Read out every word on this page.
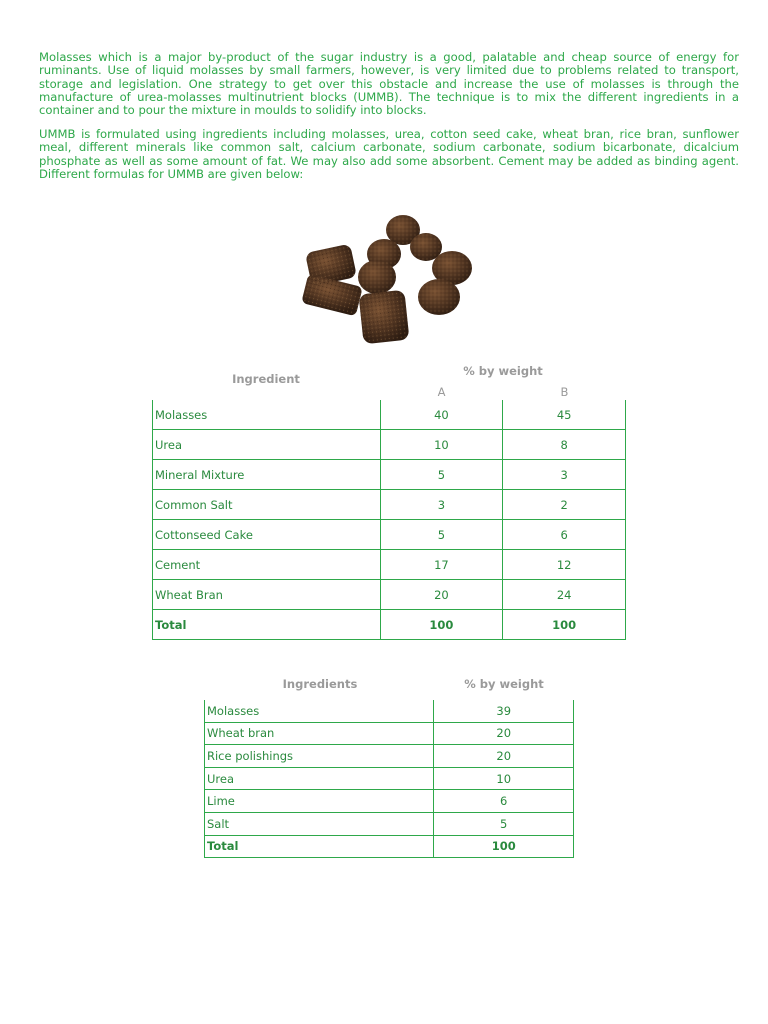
Molasses which is a major by-product of the sugar industry is a good, palatable and cheap source of energy for ruminants. Use of liquid molasses by small farmers, however, is very limited due to problems related to transport, storage and legislation. One strategy to get over this obstacle and increase the use of molasses is through the manufacture of urea-molasses multinutrient blocks (UMMB). The technique is to mix the different ingredients in a container and to pour the mixture in moulds to solidify into blocks.

UMMB is formulated using ingredients including molasses, urea, cotton seed cake, wheat bran, rice bran, sunflower meal, different minerals like common salt, calcium carbonate, sodium carbonate, sodium bicarbonate, dicalcium phosphate as well as some amount of fat. We may also add some absorbent. Cement may be added as binding agent. Different formulas for UMMB are given below:

Ingredient
% by weight
A	B
Molasses	40	45
Urea	10	8
Mineral Mixture	5	3
Common Salt	3	2
Cottonseed Cake	5	6
Cement	17	12
Wheat Bran	20	24
Total	100	100
Ingredients	% by weight
Molasses	39
Wheat bran	20
Rice polishings	20
Urea	10
Lime	6
Salt	5
Total	100
